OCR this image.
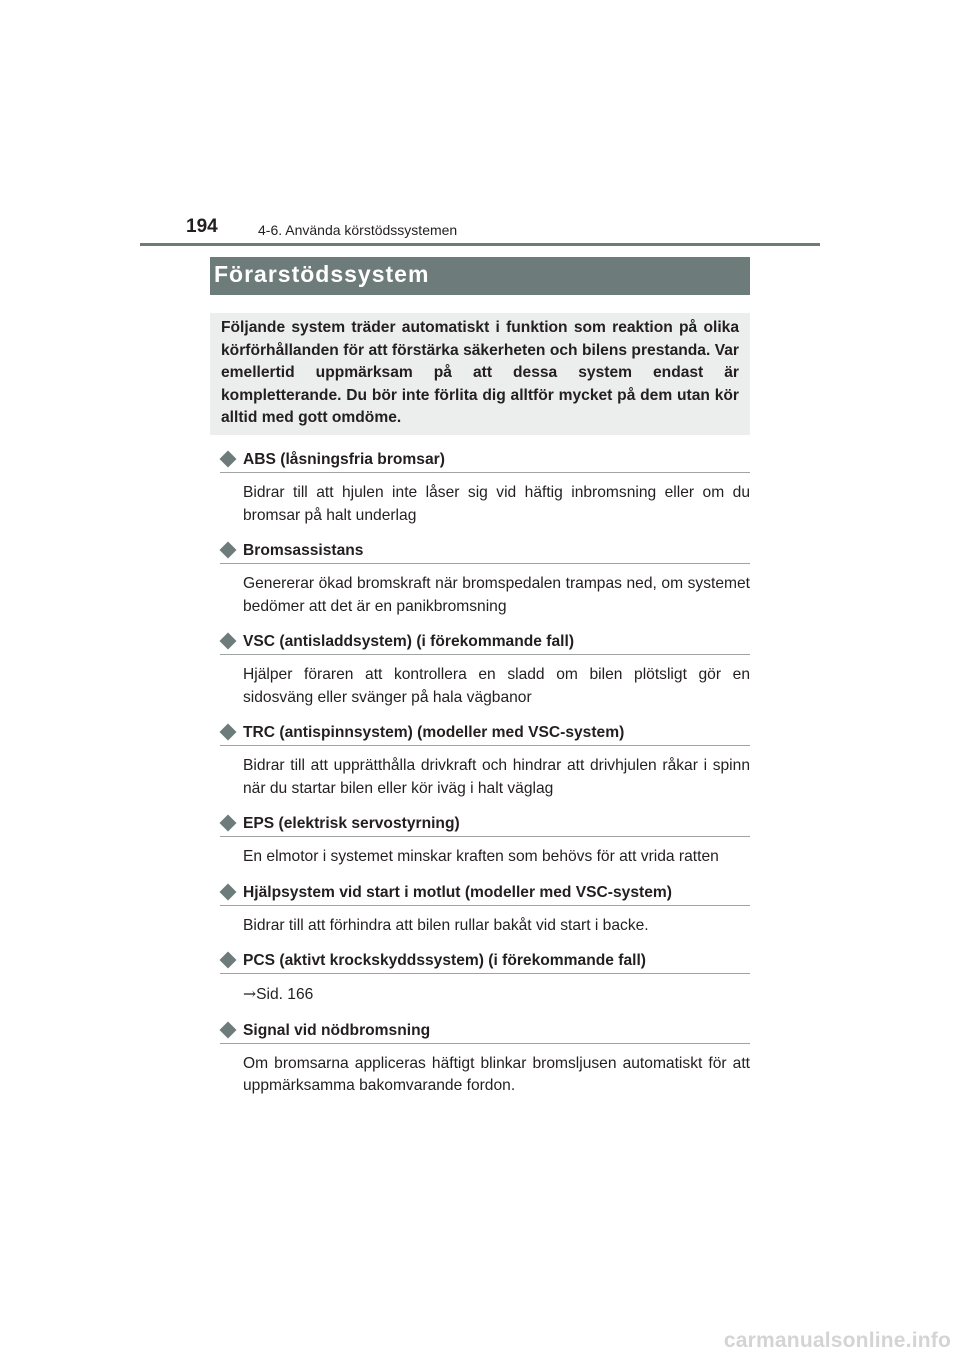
194	4-6. Använda körstödssystemen
Förarstödssystem

Följande system träder automatiskt i funktion som reaktion på olika körförhållanden för att förstärka säkerheten och bilens prestanda. Var emellertid uppmärksam på att dessa system endast är kompletterande. Du bör inte förlita dig alltför mycket på dem utan kör alltid med gott omdöme.

ABS (låsningsfria bromsar)
Bidrar till att hjulen inte låser sig vid häftig inbromsning eller om du bromsar på halt underlag
Bromsassistans
Genererar ökad bromskraft när bromspedalen trampas ned, om systemet bedömer att det är en panikbromsning
VSC (antisladdsystem) (i förekommande fall)
Hjälper föraren att kontrollera en sladd om bilen plötsligt gör en sidosväng eller svänger på hala vägbanor
TRC (antispinnsystem) (modeller med VSC-system)
Bidrar till att upprätthålla drivkraft och hindrar att drivhjulen råkar i spinn när du startar bilen eller kör iväg i halt väglag
EPS (elektrisk servostyrning)
En elmotor i systemet minskar kraften som behövs för att vrida ratten
Hjälpsystem vid start i motlut (modeller med VSC-system)
Bidrar till att förhindra att bilen rullar bakåt vid start i backe.
PCS (aktivt krockskyddssystem) (i förekommande fall)
→Sid. 166
Signal vid nödbromsning
Om bromsarna appliceras häftigt blinkar bromsljusen automatiskt för att uppmärksamma bakomvarande fordon.
carmanualsonline.info
